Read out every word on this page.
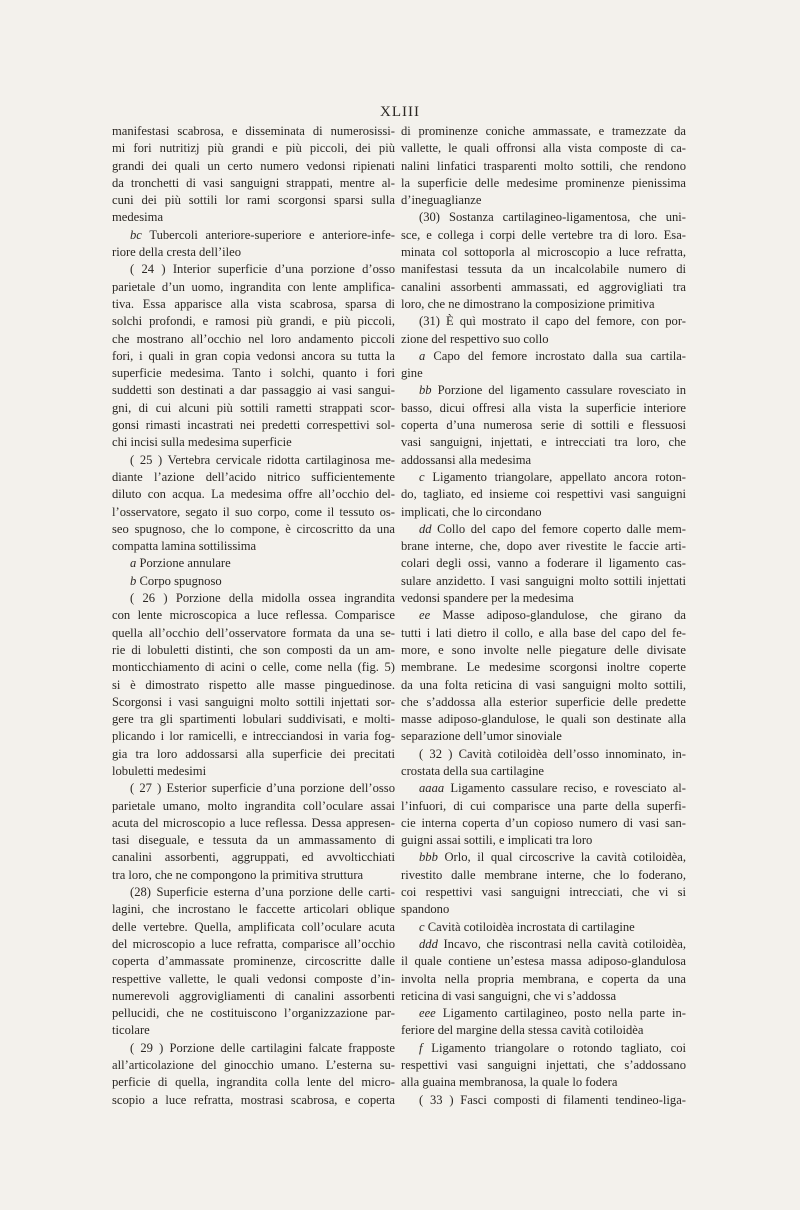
XLIII
manifestasi scabrosa, e disseminata di numerosissi-
mi fori nutritizj più grandi e più piccoli, dei più
grandi dei quali un certo numero vedonsi ripienati
da tronchetti di vasi sanguigni strappati, mentre al-
cuni dei più sottili lor rami scorgonsi sparsi sulla
medesima
bc Tubercoli anteriore-superiore e anteriore-infe-
riore della cresta dell’ileo
( 24 ) Interior superficie d’una porzione d’osso
parietale d’un uomo, ingrandita con lente amplifica-
tiva. Essa apparisce alla vista scabrosa, sparsa di
solchi profondi, e ramosi più grandi, e più piccoli,
che mostrano all’occhio nel loro andamento piccoli
fori, i quali in gran copia vedonsi ancora su tutta la
superficie medesima. Tanto i solchi, quanto i fori
suddetti son destinati a dar passaggio ai vasi sangui-
gni, di cui alcuni più sottili rametti strappati scor-
gonsi rimasti incastrati nei predetti correspettivi sol-
chi incisi sulla medesima superficie
( 25 ) Vertebra cervicale ridotta cartilaginosa me-
diante l’azione dell’acido nitrico sufficientemente
diluto con acqua. La medesima offre all’occhio del-
l’osservatore, segato il suo corpo, come il tessuto os-
seo spugnoso, che lo compone, è circoscritto da una
compatta lamina sottilissima
a Porzione annulare
b Corpo spugnoso
( 26 ) Porzione della midolla ossea ingrandita
con lente microscopica a luce reflessa. Comparisce
quella all’occhio dell’osservatore formata da una se-
rie di lobuletti distinti, che son composti da un am-
monticchiamento di acini o celle, come nella (fig. 5)
si è dimostrato rispetto alle masse pinguedinose.
Scorgonsi i vasi sanguigni molto sottili injettati sor-
gere tra gli spartimenti lobulari suddivisati, e molti-
plicando i lor ramicelli, e intrecciandosi in varia fog-
gia tra loro addossarsi alla superficie dei precitati
lobuletti medesimi
( 27 ) Esterior superficie d’una porzione dell’osso
parietale umano, molto ingrandita coll’oculare assai
acuta del microscopio a luce reflessa. Dessa appresen-
tasi diseguale, e tessuta da un ammassamento di
canalini assorbenti, aggruppati, ed avvolticchiati
tra loro, che ne compongono la primitiva struttura
(28) Superficie esterna d’una porzione delle carti-
lagini, che incrostano le faccette articolari oblique
delle vertebre. Quella, amplificata coll’oculare acuta
del microscopio a luce refratta, comparisce all’occhio
coperta d’ammassate prominenze, circoscritte dalle
respettive vallette, le quali vedonsi composte d’in-
numerevoli aggrovigliamenti di canalini assorbenti
pellucidi, che ne costituiscono l’organizzazione par-
ticolare
( 29 ) Porzione delle cartilagini falcate frapposte
all’articolazione del ginocchio umano. L’esterna su-
perficie di quella, ingrandita colla lente del micro-
scopio a luce refratta, mostrasi scabrosa, e coperta
di prominenze coniche ammassate, e tramezzate da
vallette, le quali offronsi alla vista composte di ca-
nalini linfatici trasparenti molto sottili, che rendono
la superficie delle medesime prominenze pienissima
d’ineguaglianze
(30) Sostanza cartilagineo-ligamentosa, che uni-
sce, e collega i corpi delle vertebre tra di loro. Esa-
minata col sottoporla al microscopio a luce refratta,
manifestasi tessuta da un incalcolabile numero di
canalini assorbenti ammassati, ed aggrovigliati tra
loro, che ne dimostrano la composizione primitiva
(31) È quì mostrato il capo del femore, con por-
zione del respettivo suo collo
a Capo del femore incrostato dalla sua cartila-
gine
bb Porzione del ligamento cassulare rovesciato in
basso, dicui offresi alla vista la superficie interiore
coperta d’una numerosa serie di sottili e flessuosi
vasi sanguigni, injettati, e intrecciati tra loro, che
addossansi alla medesima
c Ligamento triangolare, appellato ancora roton-
do, tagliato, ed insieme coi respettivi vasi sanguigni
implicati, che lo circondano
dd Collo del capo del femore coperto dalle mem-
brane interne, che, dopo aver rivestite le faccie arti-
colari degli ossi, vanno a foderare il ligamento cas-
sulare anzidetto. I vasi sanguigni molto sottili injettati
vedonsi spandere per la medesima
ee Masse adiposo-glandulose, che girano da
tutti i lati dietro il collo, e alla base del capo del fe-
more, e sono involte nelle piegature delle divisate
membrane. Le medesime scorgonsi inoltre coperte
da una folta reticina di vasi sanguigni molto sottili,
che s’addossa alla esterior superficie delle predette
masse adiposo-glandulose, le quali son destinate alla
separazione dell’umor sinoviale
( 32 ) Cavità cotiloidèa dell’osso innominato, in-
crostata della sua cartilagine
aaaa Ligamento cassulare reciso, e rovesciato al-
l’infuori, di cui comparisce una parte della superfi-
cie interna coperta d’un copioso numero di vasi san-
guigni assai sottili, e implicati tra loro
bbb Orlo, il qual circoscrive la cavità cotiloidèa,
rivestito dalle membrane interne, che lo foderano,
coi respettivi vasi sanguigni intrecciati, che vi si
spandono
c Cavità cotiloidèa incrostata di cartilagine
ddd Incavo, che riscontrasi nella cavità cotiloidèa,
il quale contiene un’estesa massa adiposo-glandulosa
involta nella propria membrana, e coperta da una
reticina di vasi sanguigni, che vi s’addossa
eee Ligamento cartilagineo, posto nella parte in-
feriore del margine della stessa cavità cotiloidèa
f Ligamento triangolare o rotondo tagliato, coi
respettivi vasi sanguigni injettati, che s’addossano
alla guaina membranosa, la quale lo fodera
( 33 ) Fasci composti di filamenti tendineo-liga-
